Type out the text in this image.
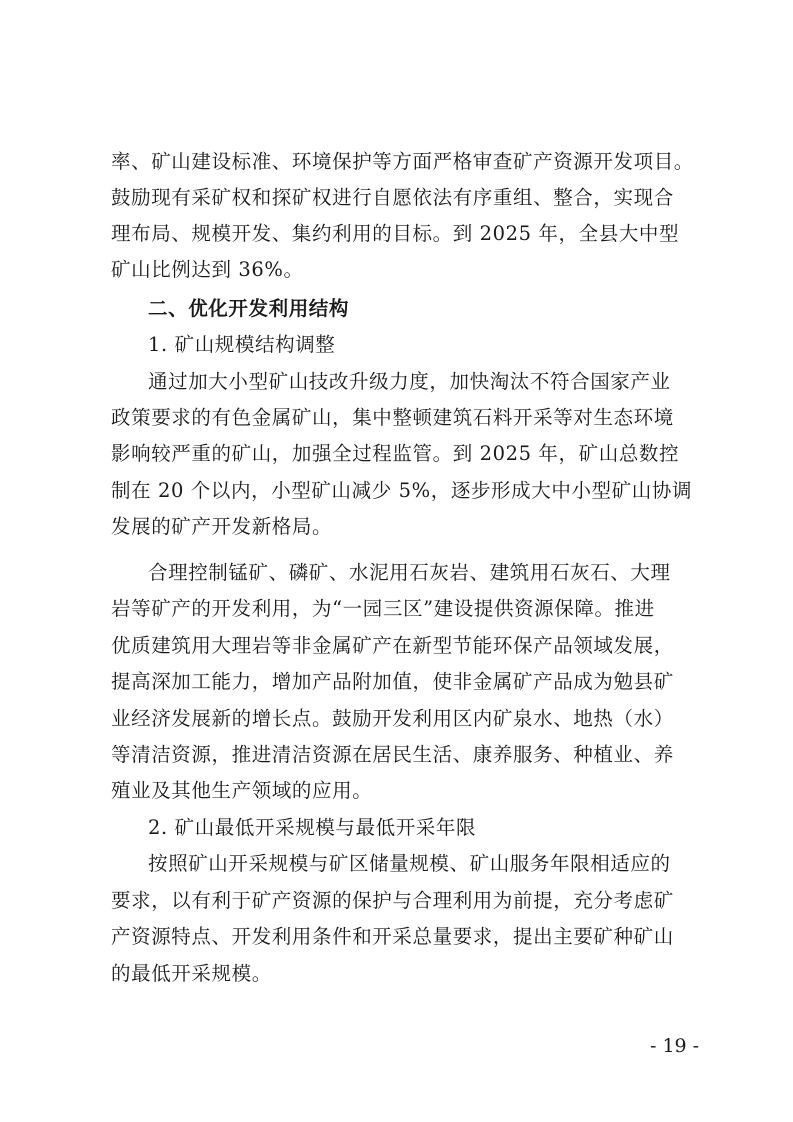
率、矿山建设标准、环境保护等方面严格审查矿产资源开发项目。
鼓励现有采矿权和探矿权进行自愿依法有序重组、整合，实现合
理布局、规模开发、集约利用的目标。到 2025 年，全县大中型
矿山比例达到 36%。
二、优化开发利用结构
1. 矿山规模结构调整
通过加大小型矿山技改升级力度，加快淘汰不符合国家产业
政策要求的有色金属矿山，集中整顿建筑石料开采等对生态环境
影响较严重的矿山，加强全过程监管。到 2025 年，矿山总数控
制在 20 个以内，小型矿山减少 5%，逐步形成大中小型矿山协调
发展的矿产开发新格局。
合理控制锰矿、磷矿、水泥用石灰岩、建筑用石灰石、大理
岩等矿产的开发利用，为“一园三区”建设提供资源保障。推进
优质建筑用大理岩等非金属矿产在新型节能环保产品领域发展，
提高深加工能力，增加产品附加值，使非金属矿产品成为勉县矿
业经济发展新的增长点。鼓励开发利用区内矿泉水、地热（水）
等清洁资源，推进清洁资源在居民生活、康养服务、种植业、养
殖业及其他生产领域的应用。
2. 矿山最低开采规模与最低开采年限
按照矿山开采规模与矿区储量规模、矿山服务年限相适应的
要求，以有利于矿产资源的保护与合理利用为前提，充分考虑矿
产资源特点、开发利用条件和开采总量要求，提出主要矿种矿山
的最低开采规模。
- 19 -
